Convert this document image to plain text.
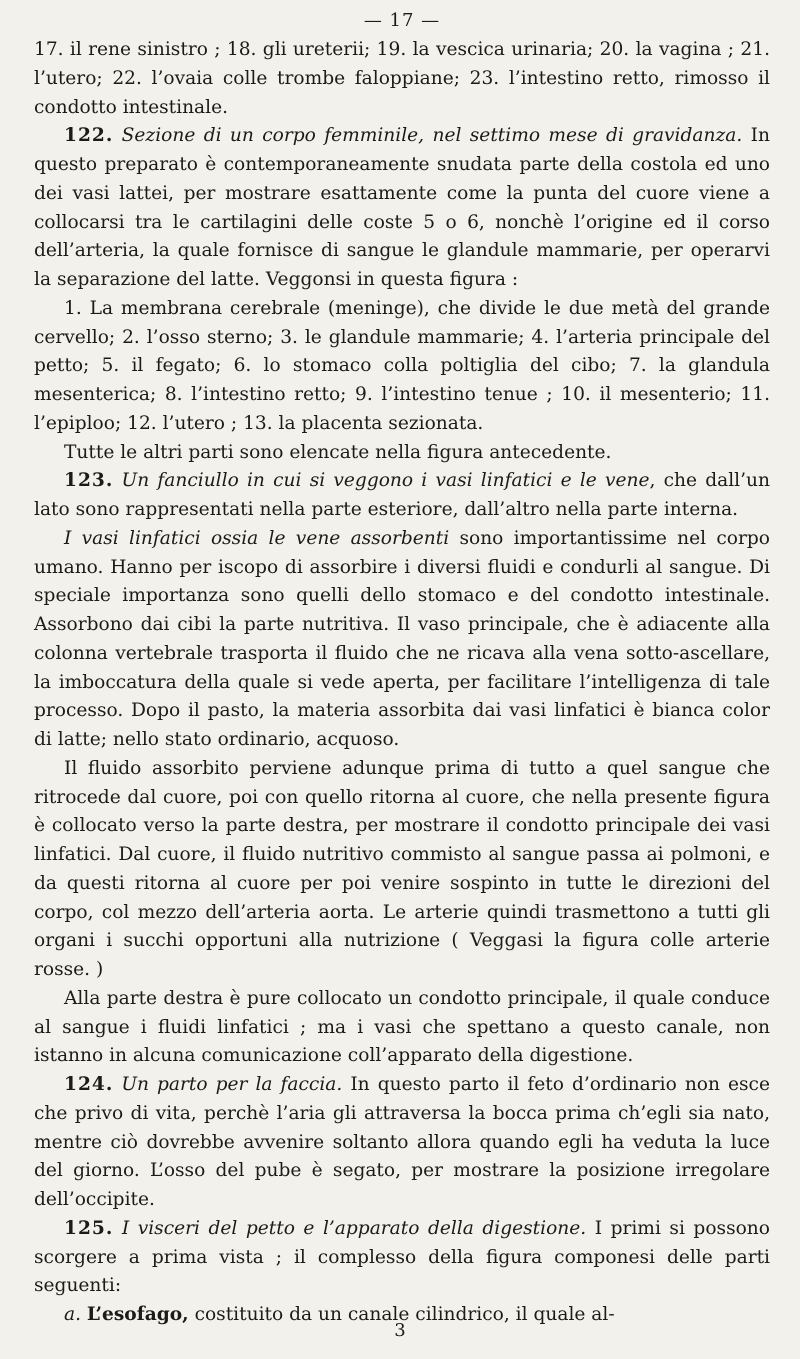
— 17 —

17. il rene sinistro ; 18. gli ureterii; 19. la vescica urinaria; 20. la vagina ; 21. l’utero; 22. l’ovaia colle trombe faloppiane; 23. l’intestino retto, rimosso il condotto intestinale.

122. Sezione di un corpo femminile, nel settimo mese di gravidanza. In questo preparato è contemporaneamente snudata parte della costola ed uno dei vasi lattei, per mostrare esattamente come la punta del cuore viene a collocarsi tra le cartilagini delle coste 5 o 6, nonchè l’origine ed il corso dell’arteria, la quale fornisce di sangue le glandule mammarie, per operarvi la separazione del latte. Veggonsi in questa figura :

1. La membrana cerebrale (meninge), che divide le due metà del grande cervello; 2. l’osso sterno; 3. le glandule mammarie; 4. l’arteria principale del petto; 5. il fegato; 6. lo stomaco colla poltiglia del cibo; 7. la glandula mesenterica; 8. l’intestino retto; 9. l’intestino tenue ; 10. il mesenterio; 11. l’epiploo; 12. l’utero ; 13. la placenta sezionata.

Tutte le altri parti sono elencate nella figura antecedente.

123. Un fanciullo in cui si veggono i vasi linfatici e le vene, che dall’un lato sono rappresentati nella parte esteriore, dall’altro nella parte interna.

I vasi linfatici ossia le vene assorbenti sono importantissime nel corpo umano. Hanno per iscopo di assorbire i diversi fluidi e condurli al sangue. Di speciale importanza sono quelli dello stomaco e del condotto intestinale. Assorbono dai cibi la parte nutritiva. Il vaso principale, che è adiacente alla colonna vertebrale trasporta il fluido che ne ricava alla vena sotto-ascellare, la imboccatura della quale si vede aperta, per facilitare l’intelligenza di tale processo. Dopo il pasto, la materia assorbita dai vasi linfatici è bianca color di latte; nello stato ordinario, acquoso.

Il fluido assorbito perviene adunque prima di tutto a quel sangue che ritrocede dal cuore, poi con quello ritorna al cuore, che nella presente figura è collocato verso la parte destra, per mostrare il condotto principale dei vasi linfatici. Dal cuore, il fluido nutritivo commisto al sangue passa ai polmoni, e da questi ritorna al cuore per poi venire sospinto in tutte le direzioni del corpo, col mezzo dell’arteria aorta. Le arterie quindi trasmettono a tutti gli organi i succhi opportuni alla nutrizione ( Veggasi la figura colle arterie rosse. )

Alla parte destra è pure collocato un condotto principale, il quale conduce al sangue i fluidi linfatici ; ma i vasi che spettano a questo canale, non istanno in alcuna comunicazione coll’apparato della digestione.

124. Un parto per la faccia. In questo parto il feto d’ordinario non esce che privo di vita, perchè l’aria gli attraversa la bocca prima ch’egli sia nato, mentre ciò dovrebbe avvenire soltanto allora quando egli ha veduta la luce del giorno. L’osso del pube è segato, per mostrare la posizione irregolare dell’occipite.

125. I visceri del petto e l’apparato della digestione. I primi si possono scorgere a prima vista ; il complesso della figura componesi delle parti seguenti:

a. L’esofago, costituito da un canale cilindrico, il quale al-

3
